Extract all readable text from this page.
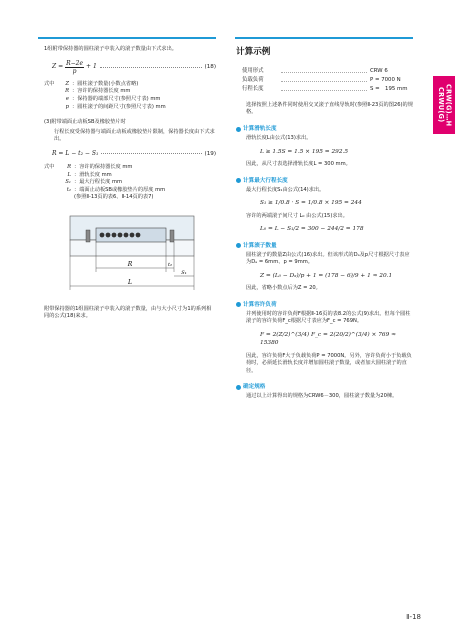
CRW(G)…H
CRWU(G)
1组附带保持器的圆柱滚子中装入的滚子数量由下式求出。
$Z = \frac{R-2e}{p} + 1$	(18)
式中	Z ：圆柱滚子数量(小数点省略)
R ：容许的保持器长度 mm
e ：保持器的端部尺寸(参照尺寸表) mm
p ：圆柱滚子的间距尺寸(参照尺寸表) mm
(3)附带端面止动板SB及橡胶垫片时
行程长度受保持器与端面止动板或橡胶垫片限制，保持器长度由下式求出。
R = L − t₂ − S₁	(19)
式中	R ：容许的保持器长度 mm
L ：滑轨长度 mm
S₁ ：最大行程长度 mm
t₂ ：端面止动板SB或橡胶垫片的厚度 mm
(参照Ⅱ-13页的表6、Ⅱ-14页的表7)
R
L
t₂
S₁
附带保持器的1组圆柱滚子中装入的滚子数量，由与大小尺寸为1的系列相同的公式(18)来求。
计算示例
使用形式	CRW 6
负载负荷	P = 7000 N
行程长度	S =　195 mm
选择按照上述条件同时使用交叉滚子直线导轨时(参照Ⅱ-23页的图26)的规格。
计算滑轨长度
滑轨长度L由公式(13)求出。
L ≥ 1.5S = 1.5 × 195 = 292.5
因此，从尺寸表选择滑轨长度L = 300 mm。
计算最大行程长度
最大行程长度S₁由公式(14)求出。
S₁ ≥ 1/0.8 · S = 1/0.8 × 195 = 244
容许的两端滚子间尺寸 L₀ 由公式(15)求出。
L₀ = L − S₁/2 = 300 − 244/2 = 178
计算滚子数量
圆柱滚子的数量Z由公式(16)求出。但该形式的Dₐ及p尺寸根据尺寸表应为Dₐ = 6mm、p = 9mm。
Z = (L₀ − Dₐ)/p + 1 = (178 − 6)/9 + 1 ≈ 20.1
因此，省略小数点后为Z = 20。
计算容许负荷
并列使用时的容许负荷F根据Ⅱ-16页的表8.2的公式(9)求出。但每个圆柱滚子的容许负荷F_c根据尺寸表应为F_c = 769N。
F = 2(Z/2)^(3/4) F_c = 2(20/2)^(3/4) × 769 ≈ 15380
因此，容许负荷F大于负载负荷P = 7000N。另外，容许负荷小于负载负荷时，必须延长滑轨长度并增加圆柱滚子数量，或者加大圆柱滚子的直径。
确定规格
通过以上计算得出的规格为CRW6－300，圆柱滚子数量为20楝。
Ⅱ-18
